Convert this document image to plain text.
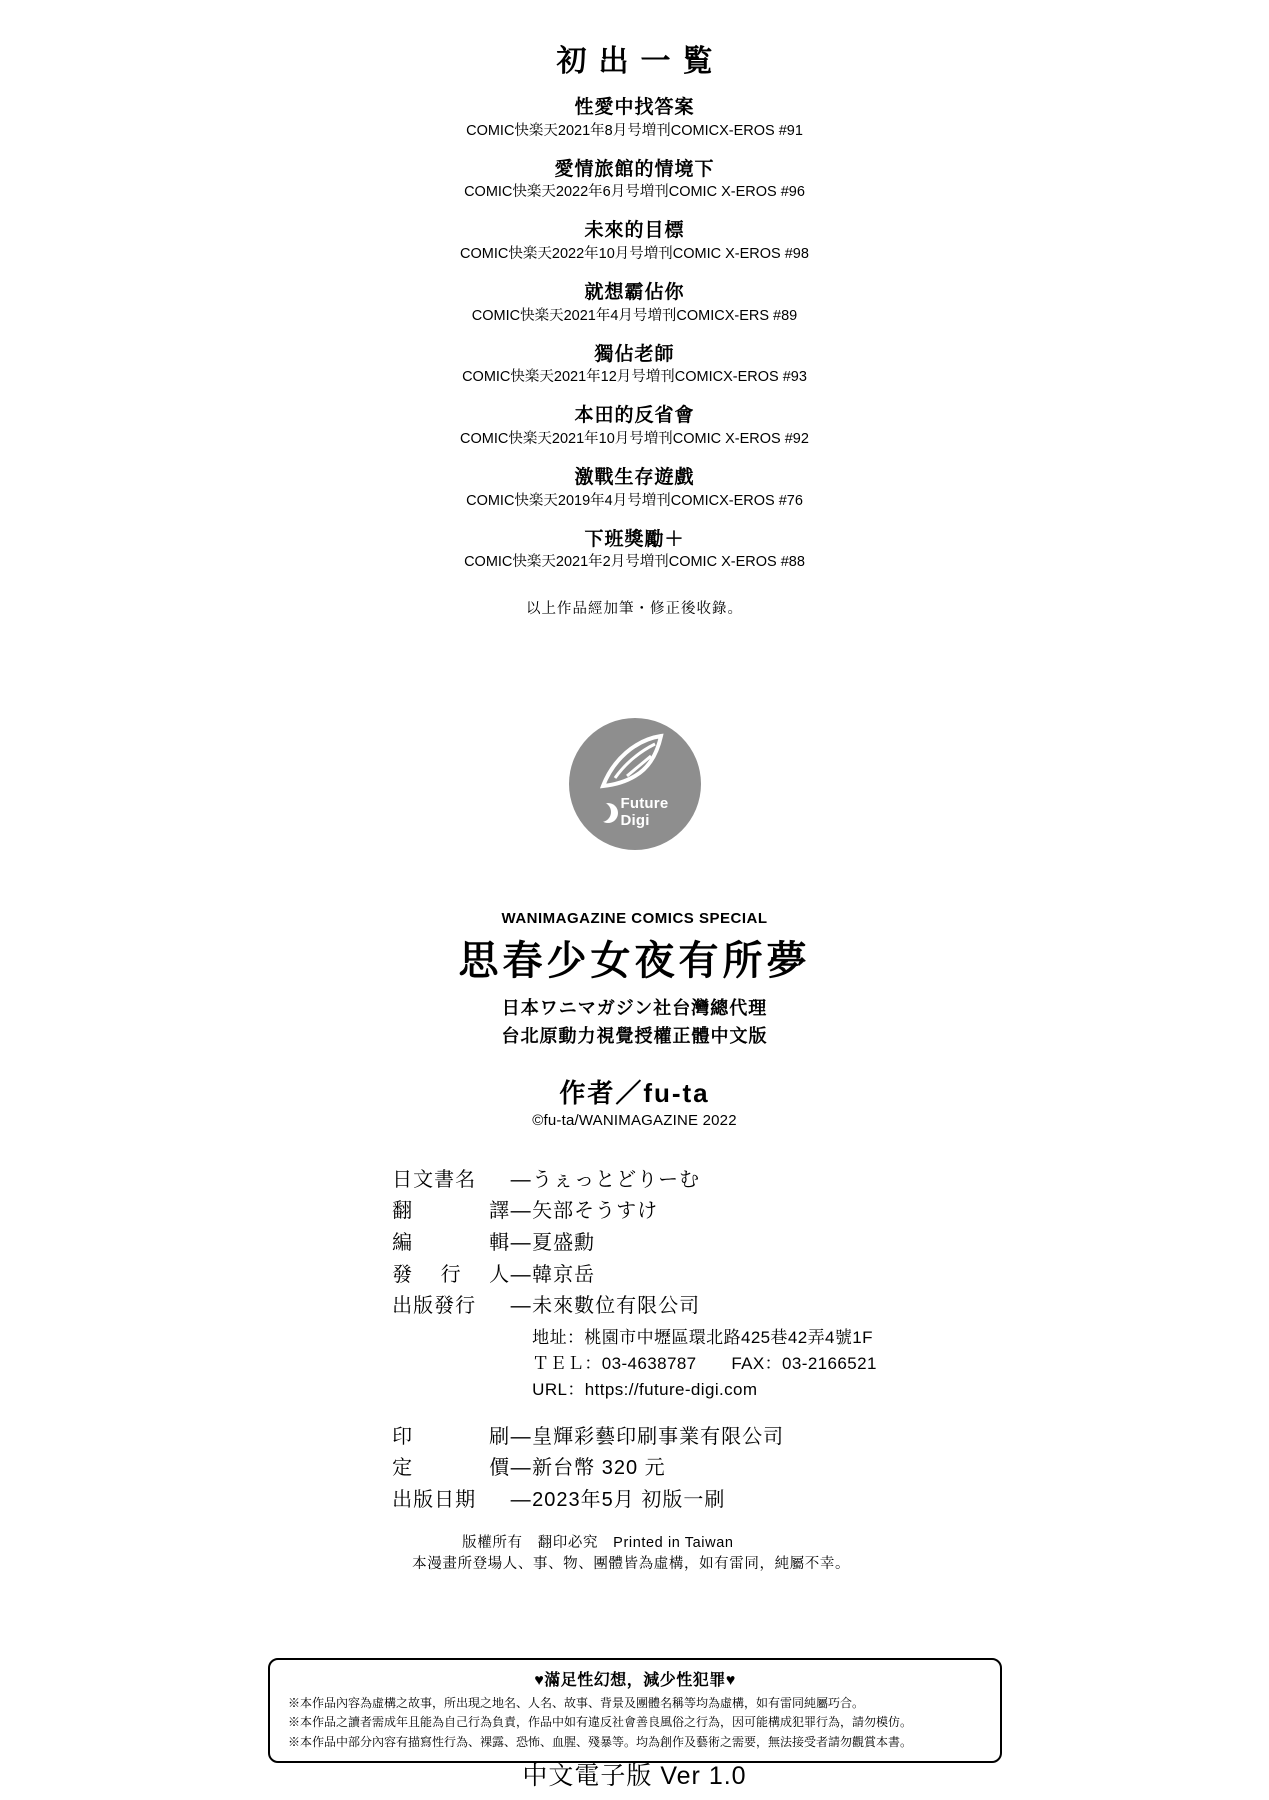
初出一覧
性愛中找答案
COMIC快楽天2021年8月号増刊COMICX-EROS #91
愛情旅館的情境下
COMIC快楽天2022年6月号増刊COMIC X-EROS #96
未來的目標
COMIC快楽天2022年10月号増刊COMIC X-EROS #98
就想霸佔你
COMIC快楽天2021年4月号増刊COMICX-ERS #89
獨佔老師
COMIC快楽天2021年12月号増刊COMICX-EROS #93
本田的反省會
COMIC快楽天2021年10月号増刊COMIC X-EROS #92
激戰生存遊戲
COMIC快楽天2019年4月号増刊COMICX-EROS #76
下班獎勵＋
COMIC快楽天2021年2月号増刊COMIC X-EROS #88
以上作品經加筆・修正後收錄。
Future
Digi
WANIMAGAZINE COMICS SPECIAL
思春少女夜有所夢
日本ワニマガジン社台灣總代理
台北原動力視覺授權正體中文版
作者／fu-ta
©fu-ta/WANIMAGAZINE 2022
日文書名	— うぇっとどりーむ
翻	譯 — 矢部そうすけ
編	輯 — 夏盛勳
發 行 人 — 韓京岳
出版發行	— 未來數位有限公司
地址：桃園市中壢區環北路425巷42弄4號1F
ＴＥＬ：03-4638787　　FAX：03-2166521
URL：https://future-digi.com
印	刷 — 皇輝彩藝印刷事業有限公司
定	價 — 新台幣 320 元
出版日期	— 2023年5月 初版一刷
版權所有　翻印必究　Printed in Taiwan
本漫畫所登場人、事、物、團體皆為虛構，如有雷同，純屬不幸。
♥滿足性幻想，減少性犯罪♥
※本作品內容為虛構之故事，所出現之地名、人名、故事、背景及團體名稱等均為虛構，如有雷同純屬巧合。
※本作品之讀者需成年且能為自己行為負責，作品中如有違反社會善良風俗之行為，因可能構成犯罪行為，請勿模仿。
※本作品中部分內容有描寫性行為、裸露、恐怖、血腥、殘暴等。均為創作及藝術之需要，無法接受者請勿觀賞本書。
中文電子版 Ver 1.0
